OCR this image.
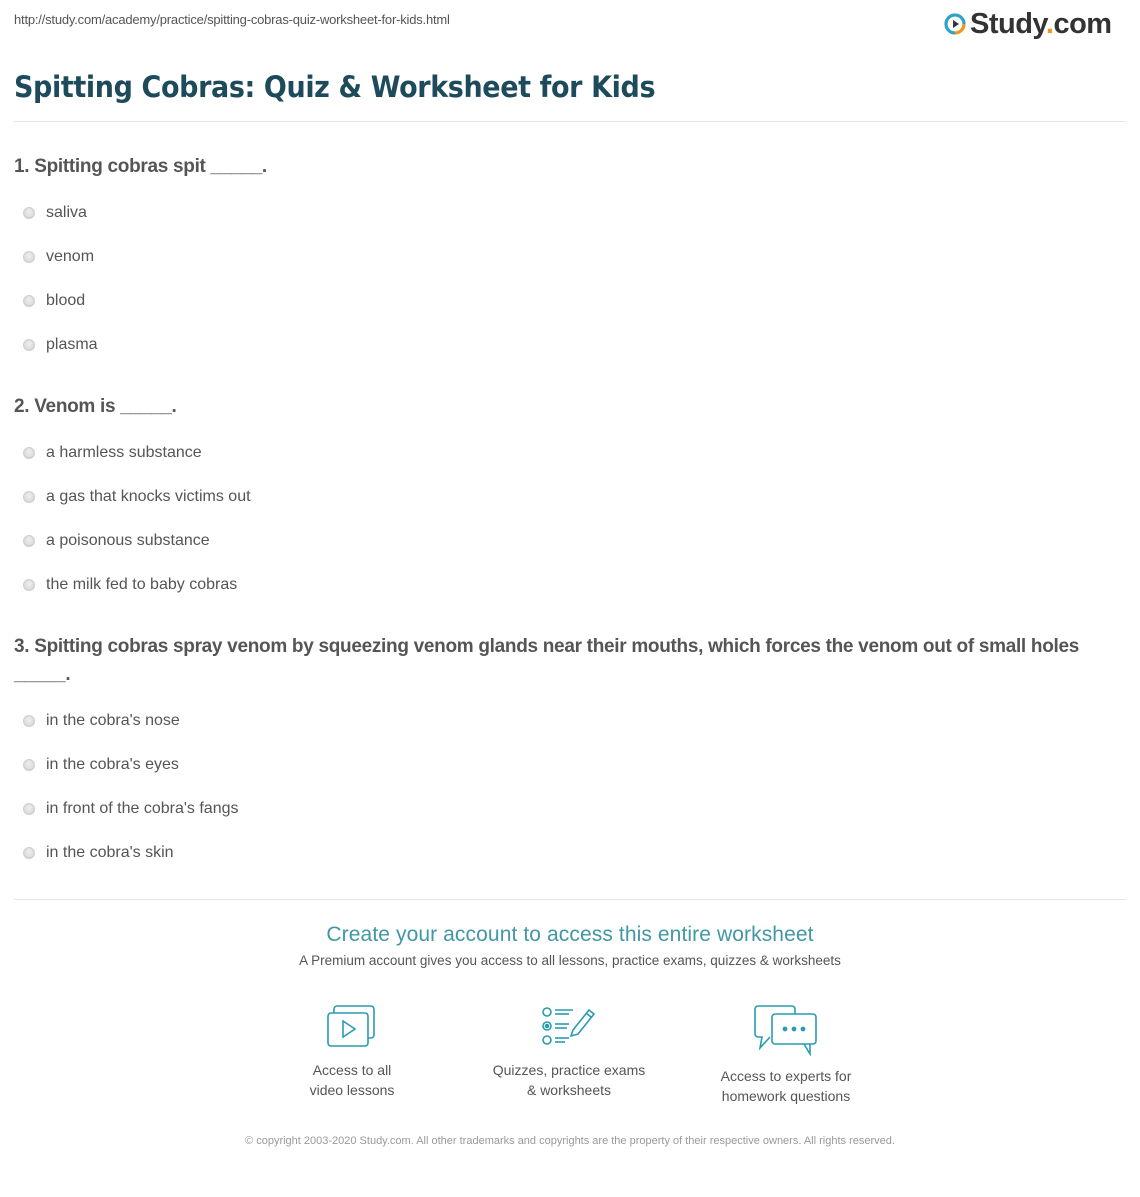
http://study.com/academy/practice/spitting-cobras-quiz-worksheet-for-kids.html	Study.com
Spitting Cobras: Quiz & Worksheet for Kids
1. Spitting cobras spit _____.
saliva
venom
blood
plasma
2. Venom is _____.
a harmless substance
a gas that knocks victims out
a poisonous substance
the milk fed to baby cobras
3. Spitting cobras spray venom by squeezing venom glands near their mouths, which forces the venom out of small holes _____.
in the cobra's nose
in the cobra's eyes
in front of the cobra's fangs
in the cobra's skin
Create your account to access this entire worksheet
A Premium account gives you access to all lessons, practice exams, quizzes & worksheets
Access to all
video lessons
Quizzes, practice exams
& worksheets
Access to experts for
homework questions
© copyright 2003-2020 Study.com. All other trademarks and copyrights are the property of their respective owners. All rights reserved.
